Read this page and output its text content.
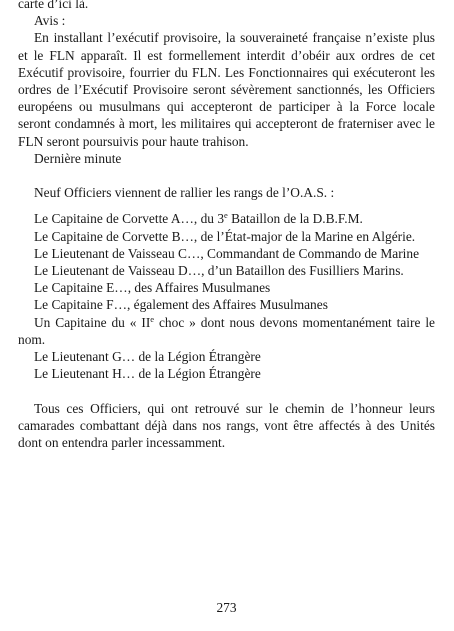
carte d’ici là.

Avis :

En installant l’exécutif provisoire, la souveraineté française n’existe plus et le FLN apparaît. Il est formellement interdit d’obéir aux ordres de cet Exécutif provisoire, fourrier du FLN. Les Fonctionnaires qui exécuteront les ordres de l’Exécutif Provisoire seront sévèrement sanctionnés, les Officiers européens ou musulmans qui accepteront de participer à la Force locale seront condamnés à mort, les militaires qui accepteront de fraterniser avec le FLN seront poursuivis pour haute trahison.

Dernière minute

Neuf Officiers viennent de rallier les rangs de l’O.A.S. :

Le Capitaine de Corvette A…, du 3e Bataillon de la D.B.F.M.

Le Capitaine de Corvette B…, de l’État-major de la Marine en Algérie.

Le Lieutenant de Vaisseau C…, Commandant de Commando de Marine

Le Lieutenant de Vaisseau D…, d’un Bataillon des Fusilliers Marins.

Le Capitaine E…, des Affaires Musulmanes

Le Capitaine F…, également des Affaires Musulmanes

Un Capitaine du « IIe choc » dont nous devons momentanément taire le nom.

Le Lieutenant G… de la Légion Étrangère

Le Lieutenant H… de la Légion Étrangère

Tous ces Officiers, qui ont retrouvé sur le chemin de l’honneur leurs camarades combattant déjà dans nos rangs, vont être affectés à des Unités dont on entendra parler incessamment.

273
